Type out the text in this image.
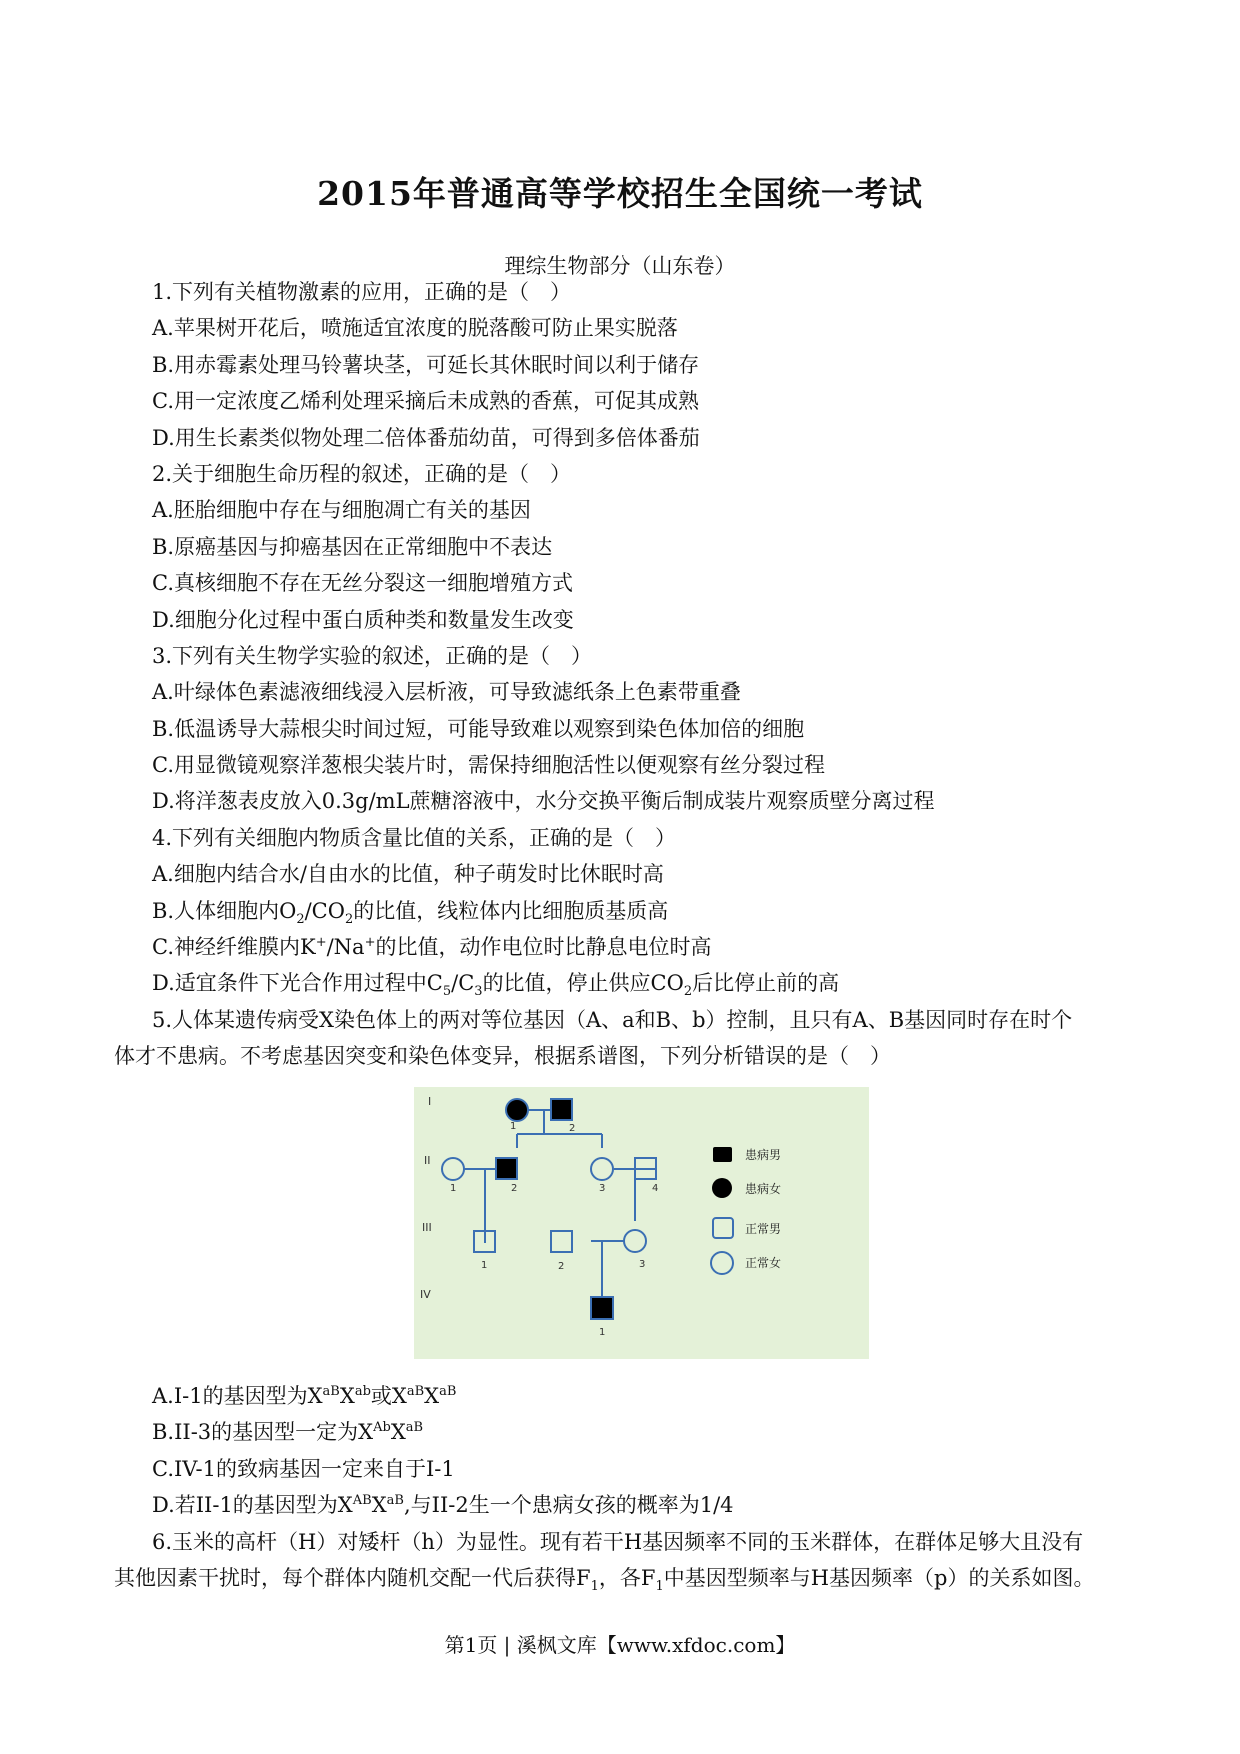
2015年普通高等学校招生全国统一考试
理综生物部分（山东卷）
1.下列有关植物激素的应用，正确的是（　）
A.苹果树开花后，喷施适宜浓度的脱落酸可防止果实脱落
B.用赤霉素处理马铃薯块茎，可延长其休眠时间以利于储存
C.用一定浓度乙烯利处理采摘后未成熟的香蕉，可促其成熟
D.用生长素类似物处理二倍体番茄幼苗，可得到多倍体番茄
2.关于细胞生命历程的叙述，正确的是（　）
A.胚胎细胞中存在与细胞凋亡有关的基因
B.原癌基因与抑癌基因在正常细胞中不表达
C.真核细胞不存在无丝分裂这一细胞增殖方式
D.细胞分化过程中蛋白质种类和数量发生改变
3.下列有关生物学实验的叙述，正确的是（　）
A.叶绿体色素滤液细线浸入层析液，可导致滤纸条上色素带重叠
B.低温诱导大蒜根尖时间过短，可能导致难以观察到染色体加倍的细胞
C.用显微镜观察洋葱根尖装片时，需保持细胞活性以便观察有丝分裂过程
D.将洋葱表皮放入0.3g/mL蔗糖溶液中，水分交换平衡后制成装片观察质壁分离过程
4.下列有关细胞内物质含量比值的关系，正确的是（　）
A.细胞内结合水/自由水的比值，种子萌发时比休眠时高
B.人体细胞内$O_2/CO_2$的比值，线粒体内比细胞质基质高
C.神经纤维膜内K+/Na+的比值，动作电位时比静息电位时高
D.适宜条件下光合作用过程中$C_5/C_3$的比值，停止供应$CO_2$后比停止前的高
5.人体某遗传病受X染色体上的两对等位基因（A、a和B、b）控制，且只有A、B基因同时存在时个
体才不患病。不考虑基因突变和染色体变异，根据系谱图，下列分析错误的是（　）
I
II
III
IV
1	2
1	2	3	4
1	2	3
1
患病男
患病女
正常男
正常女
A.I-1的基因型为$X^{aB}X^{ab}$或$X^{aB}X^{aB}$
B.II-3的基因型一定为$X^{Ab}X^{aB}$
C.IV-1的致病基因一定来自于I-1
D.若II-1的基因型为$X^{AB}X^{aB}$,与II-2生一个患病女孩的概率为1/4
6.玉米的高杆（H）对矮杆（h）为显性。现有若干H基因频率不同的玉米群体，在群体足够大且没有
其他因素干扰时，每个群体内随机交配一代后获得$F_1$，各$F_1$中基因型频率与H基因频率（p）的关系如图。
第1页 | 溪枫文库【www.xfdoc.com】
